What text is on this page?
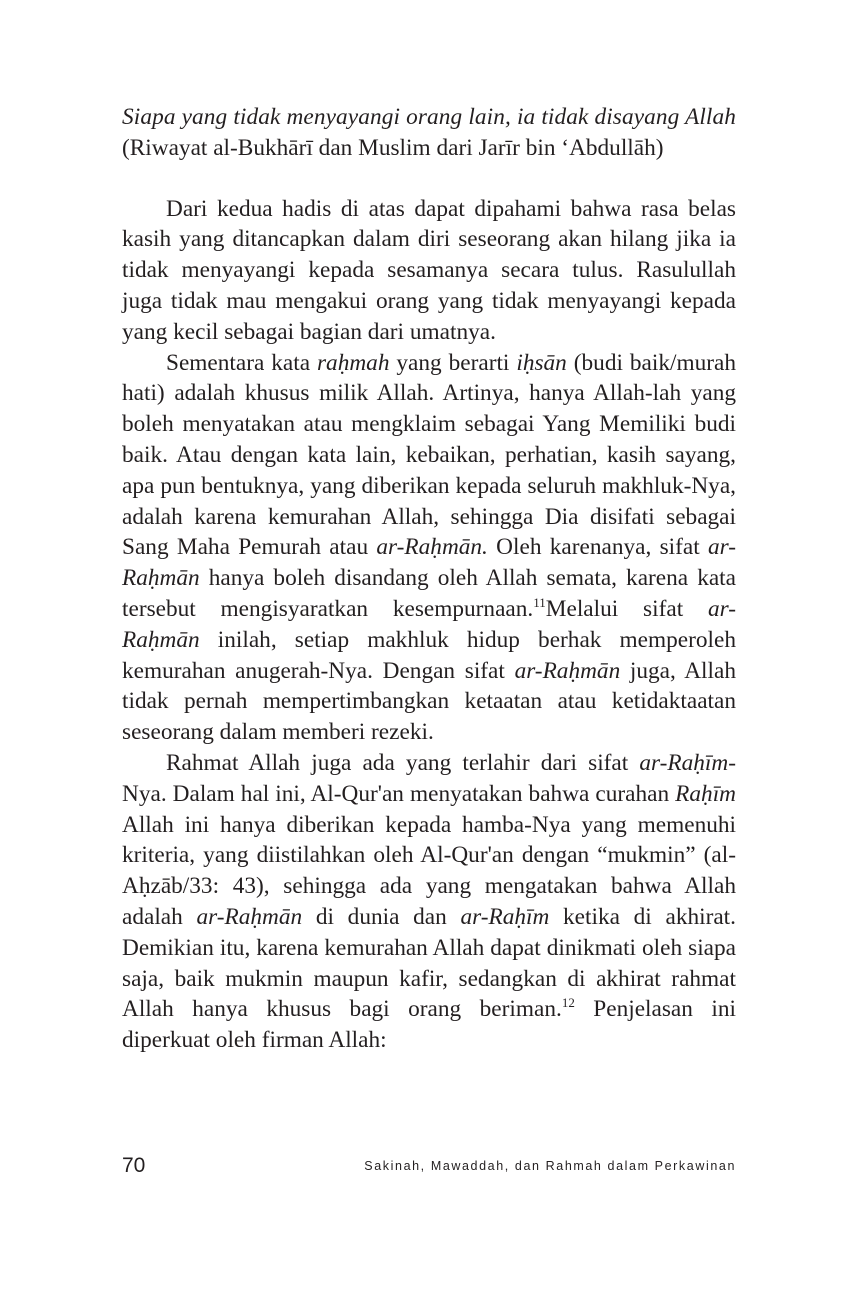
Siapa yang tidak menyayangi orang lain, ia tidak disayang Allah
(Riwayat al-Bukhārī dan Muslim dari Jarīr bin ‘Abdullāh)

Dari kedua hadis di atas dapat dipahami bahwa rasa belas kasih yang ditancapkan dalam diri seseorang akan hilang jika ia tidak menyayangi kepada sesamanya secara tulus. Rasulullah juga tidak mau mengakui orang yang tidak menyayangi kepada yang kecil sebagai bagian dari umatnya.

Sementara kata raḥmah yang berarti iḥsān (budi baik/murah hati) adalah khusus milik Allah. Artinya, hanya Allah-lah yang boleh menyatakan atau mengklaim sebagai Yang Memiliki budi baik. Atau dengan kata lain, kebaikan, perhatian, kasih sayang, apa pun bentuknya, yang diberikan kepada seluruh makhluk-Nya, adalah karena kemurahan Allah, sehingga Dia disifati sebagai Sang Maha Pemurah atau ar-Raḥmān. Oleh karenanya, sifat ar-Raḥmān hanya boleh disandang oleh Allah semata, karena kata tersebut mengisyaratkan kesempurnaan.$^{11}$Melalui sifat ar-Raḥmān inilah, setiap makhluk hidup berhak memperoleh kemurahan anugerah-Nya. Dengan sifat ar-Raḥmān juga, Allah tidak pernah mempertimbangkan ketaatan atau ketidaktaatan seseorang dalam memberi rezeki.

Rahmat Allah juga ada yang terlahir dari sifat ar-Raḥīm-Nya. Dalam hal ini, Al-Qur'an menyatakan bahwa curahan Raḥīm Allah ini hanya diberikan kepada hamba-Nya yang memenuhi kriteria, yang diistilahkan oleh Al-Qur'an dengan “mukmin” (al-Aḥzāb/33: 43), sehingga ada yang mengatakan bahwa Allah adalah ar-Raḥmān di dunia dan ar-Raḥīm ketika di akhirat. Demikian itu, karena kemurahan Allah dapat dinikmati oleh siapa saja, baik mukmin maupun kafir, sedangkan di akhirat rahmat Allah hanya khusus bagi orang beriman.$^{12}$ Penjelasan ini diperkuat oleh firman Allah:

70	Sakinah, Mawaddah, dan Rahmah dalam Perkawinan
